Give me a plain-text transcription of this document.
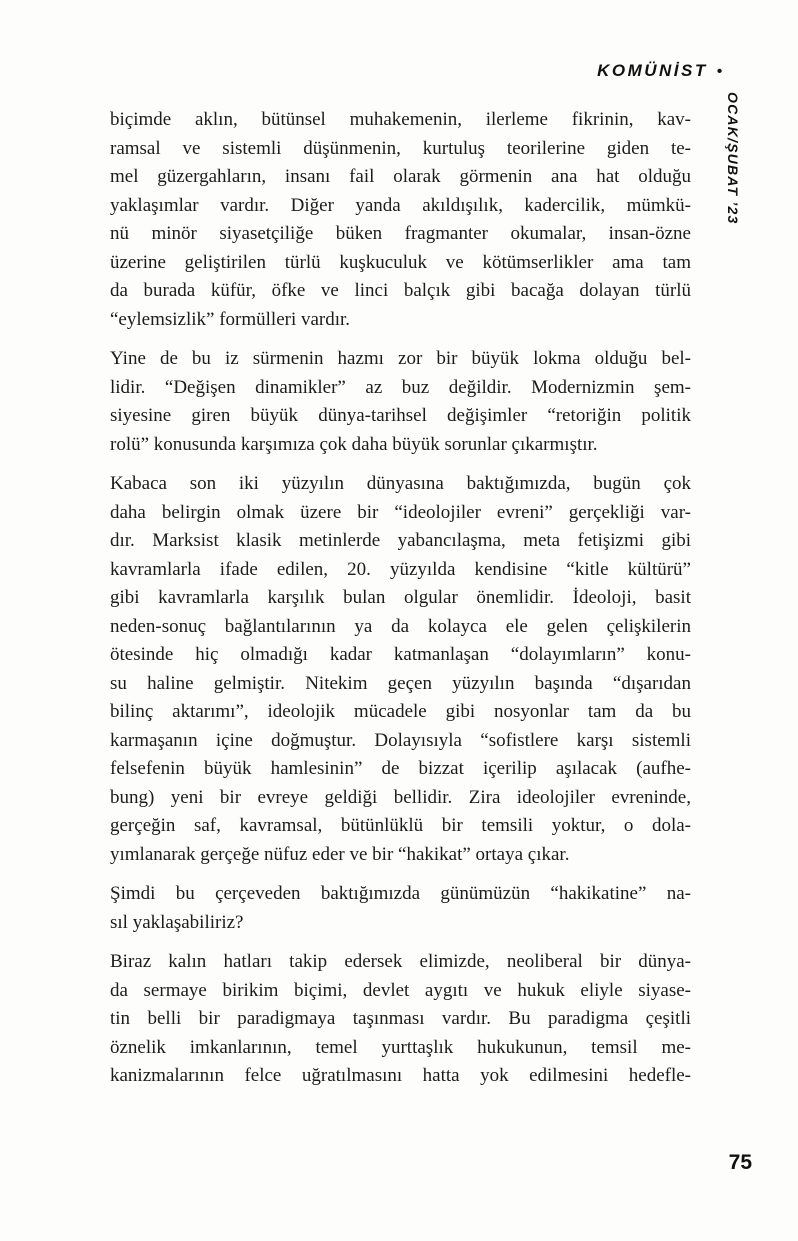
KOMÜNİST •
OCAK/ŞUBAT ’23
biçimde aklın, bütünsel muhakemenin, ilerleme fikrinin, kav-
ramsal ve sistemli düşünmenin, kurtuluş teorilerine giden te-
mel güzergahların, insanı fail olarak görmenin ana hat olduğu
yaklaşımlar vardır. Diğer yanda akıldışılık, kadercilik, mümkü-
nü minör siyasetçiliğe büken fragmanter okumalar, insan-özne
üzerine geliştirilen türlü kuşkuculuk ve kötümserlikler ama tam
da burada küfür, öfke ve linci balçık gibi bacağa dolayan türlü
“eylemsizlik” formülleri vardır.
Yine de bu iz sürmenin hazmı zor bir büyük lokma olduğu bel-
lidir. “Değişen dinamikler” az buz değildir. Modernizmin şem-
siyesine giren büyük dünya-tarihsel değişimler “retoriğin politik
rolü” konusunda karşımıza çok daha büyük sorunlar çıkarmıştır.
Kabaca son iki yüzyılın dünyasına baktığımızda, bugün çok
daha belirgin olmak üzere bir “ideolojiler evreni” gerçekliği var-
dır. Marksist klasik metinlerde yabancılaşma, meta fetişizmi gibi
kavramlarla ifade edilen, 20. yüzyılda kendisine “kitle kültürü”
gibi kavramlarla karşılık bulan olgular önemlidir. İdeoloji, basit
neden-sonuç bağlantılarının ya da kolayca ele gelen çelişkilerin
ötesinde hiç olmadığı kadar katmanlaşan “dolayımların” konu-
su haline gelmiştir. Nitekim geçen yüzyılın başında “dışarıdan
bilinç aktarımı”, ideolojik mücadele gibi nosyonlar tam da bu
karmaşanın içine doğmuştur. Dolayısıyla “sofistlere karşı sistemli
felsefenin büyük hamlesinin” de bizzat içerilip aşılacak (aufhe-
bung) yeni bir evreye geldiği bellidir. Zira ideolojiler evreninde,
gerçeğin saf, kavramsal, bütünlüklü bir temsili yoktur, o dola-
yımlanarak gerçeğe nüfuz eder ve bir “hakikat” ortaya çıkar.
Şimdi bu çerçeveden baktığımızda günümüzün “hakikatine” na-
sıl yaklaşabiliriz?
Biraz kalın hatları takip edersek elimizde, neoliberal bir dünya-
da sermaye birikim biçimi, devlet aygıtı ve hukuk eliyle siyase-
tin belli bir paradigmaya taşınması vardır. Bu paradigma çeşitli
öznelik imkanlarının, temel yurttaşlık hukukunun, temsil me-
kanizmalarının felce uğratılmasını hatta yok edilmesini hedefle-
75
